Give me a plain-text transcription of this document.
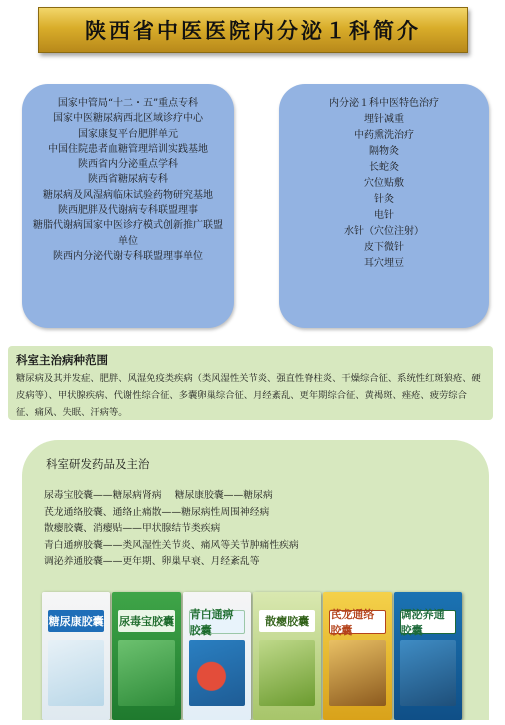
陕西省中医医院内分泌１科简介
国家中管局“十二・五”重点专科
国家中医糖尿病西北区域诊疗中心
国家康复平台肥胖单元
中国住院患者血糖管理培训实践基地
陕西省内分泌重点学科
陕西省糖尿病专科
糖尿病及风湿病临床试验药物研究基地
陕西肥胖及代谢病专科联盟理事
糖脂代谢病国家中医诊疗模式创新推广联盟单位
陕西内分泌代谢专科联盟理事单位
内分泌１科中医特色治疗
埋针减重
中药熏洗治疗
隔物灸
长蛇灸
穴位贴敷
针灸
电针
水针（穴位注射）
皮下微针
耳穴埋豆
科室主治病种范围
糖尿病及其并发症、肥胖、风湿免疫类疾病（类风湿性关节炎、强直性脊柱炎、干燥综合征、系统性红斑狼疮、硬皮病等）、甲状腺疾病、代谢性综合征、多囊卵巢综合征、月经紊乱、更年期综合征、黄褐斑、痤疮、疲劳综合征、痛风、失眠、汗病等。
科室研发药品及主治
尿毒宝胶囊——糖尿病肾病 糖尿康胶囊——糖尿病
芪龙通络胶囊、通络止痛散——糖尿病性周围神经病
散瘿胶囊、消瘿贴——甲状腺结节类疾病
青白通痹胶囊——类风湿性关节炎、痛风等关节肿痛性疾病
调泌养通胶囊——更年期、卵巢早衰、月经紊乱等
糖尿康胶囊 尿毒宝胶囊
青白通痹胶囊
散瘿胶囊
芪龙通络胶囊
调泌养通胶囊
